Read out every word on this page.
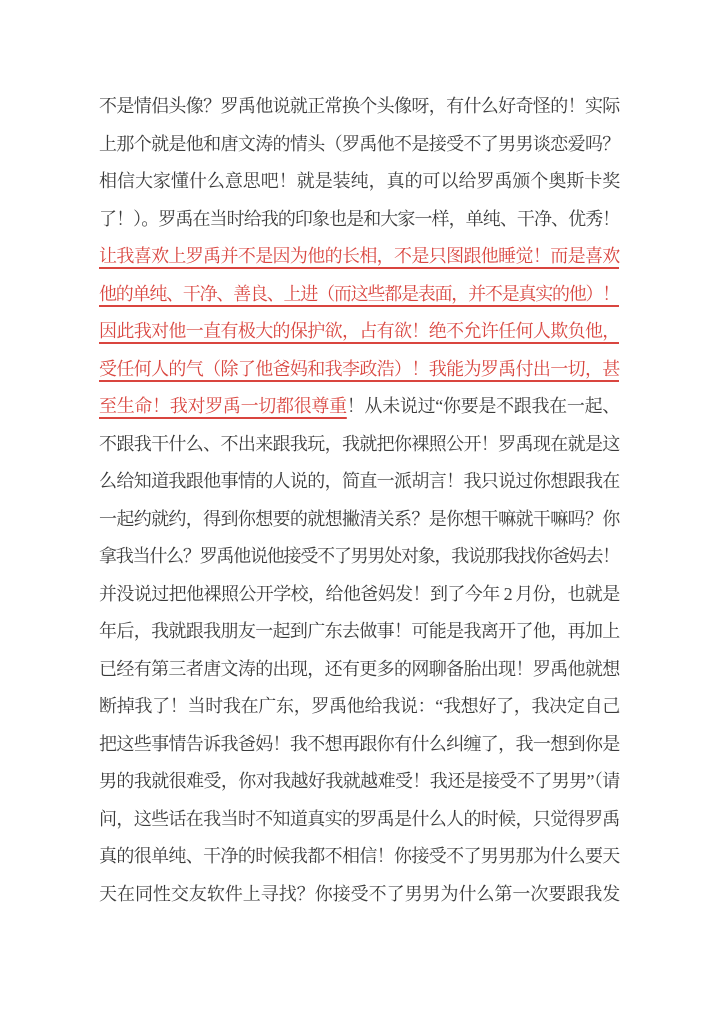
不是情侣头像？罗禹他说就正常换个头像呀，有什么好奇怪的！实际
上那个就是他和唐文涛的情头（罗禹他不是接受不了男男谈恋爱吗？
相信大家懂什么意思吧！就是装纯，真的可以给罗禹颁个奥斯卡奖
了！）。罗禹在当时给我的印象也是和大家一样，单纯、干净、优秀！
让我喜欢上罗禹并不是因为他的长相，不是只图跟他睡觉！而是喜欢
他的单纯、干净、善良、上进（而这些都是表面，并不是真实的他）！
因此我对他一直有极大的保护欲，占有欲！绝不允许任何人欺负他，
受任何人的气（除了他爸妈和我李政浩）！我能为罗禹付出一切，甚
至生命！我对罗禹一切都很尊重！从未说过“你要是不跟我在一起、
不跟我干什么、不出来跟我玩，我就把你裸照公开！罗禹现在就是这
么给知道我跟他事情的人说的，简直一派胡言！我只说过你想跟我在
一起约就约，得到你想要的就想撇清关系？是你想干嘛就干嘛吗？你
拿我当什么？罗禹他说他接受不了男男处对象，我说那我找你爸妈去！
并没说过把他裸照公开学校，给他爸妈发！到了今年 2 月份，也就是
年后，我就跟我朋友一起到广东去做事！可能是我离开了他，再加上
已经有第三者唐文涛的出现，还有更多的网聊备胎出现！罗禹他就想
断掉我了！当时我在广东，罗禹他给我说：“我想好了，我决定自己
把这些事情告诉我爸妈！我不想再跟你有什么纠缠了，我一想到你是
男的我就很难受，你对我越好我就越难受！我还是接受不了男男”（请
问，这些话在我当时不知道真实的罗禹是什么人的时候，只觉得罗禹
真的很单纯、干净的时候我都不相信！你接受不了男男那为什么要天
天在同性交友软件上寻找？你接受不了男男为什么第一次要跟我发
